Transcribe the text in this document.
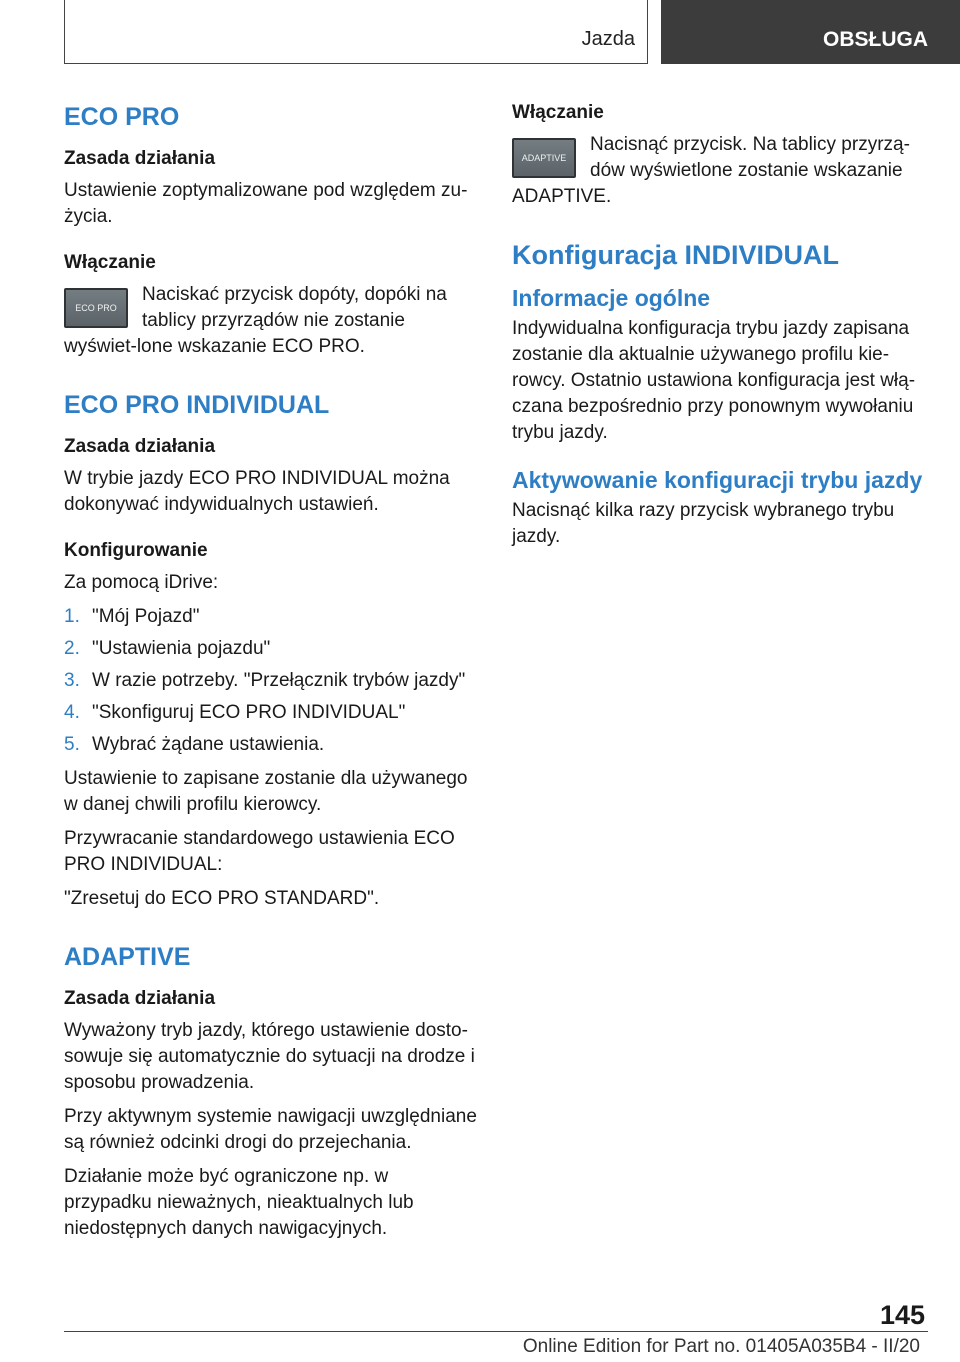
Jazda	OBSŁUGA
ECO PRO
Zasada działania

Ustawienie zoptymalizowane pod względem zu-życia.

Włączanie
ECO PRO

Naciskać przycisk dopóty, dopóki na tablicy przyrządów nie zostanie wyświet-lone wskazanie ECO PRO.

ECO PRO INDIVIDUAL
Zasada działania

W trybie jazdy ECO PRO INDIVIDUAL można dokonywać indywidualnych ustawień.

Konfigurowanie

Za pomocą iDrive:

1. "Mój Pojazd"
2. "Ustawienia pojazdu"
3. W razie potrzeby. "Przełącznik trybów jazdy"
4. "Skonfiguruj ECO PRO INDIVIDUAL"
5. Wybrać żądane ustawienia.

Ustawienie to zapisane zostanie dla używanego w danej chwili profilu kierowcy.

Przywracanie standardowego ustawienia ECO PRO INDIVIDUAL:

"Zresetuj do ECO PRO STANDARD".

ADAPTIVE
Zasada działania

Wyważony tryb jazdy, którego ustawienie dosto-sowuje się automatycznie do sytuacji na drodze i sposobu prowadzenia.

Przy aktywnym systemie nawigacji uwzględniane są również odcinki drogi do przejechania.

Działanie może być ograniczone np. w przypadku nieważnych, nieaktualnych lub niedostępnych danych nawigacyjnych.

Włączanie
ADAPTIVE

Nacisnąć przycisk. Na tablicy przyrzą-dów wyświetlone zostanie wskazanie ADAPTIVE.

Konfiguracja INDIVIDUAL
Informacje ogólne

Indywidualna konfiguracja trybu jazdy zapisana zostanie dla aktualnie używanego profilu kie-rowcy. Ostatnio ustawiona konfiguracja jest włą-czana bezpośrednio przy ponownym wywołaniu trybu jazdy.

Aktywowanie konfiguracji trybu jazdy

Nacisnąć kilka razy przycisk wybranego trybu jazdy.

145
Online Edition for Part no. 01405A035B4 - II/20
